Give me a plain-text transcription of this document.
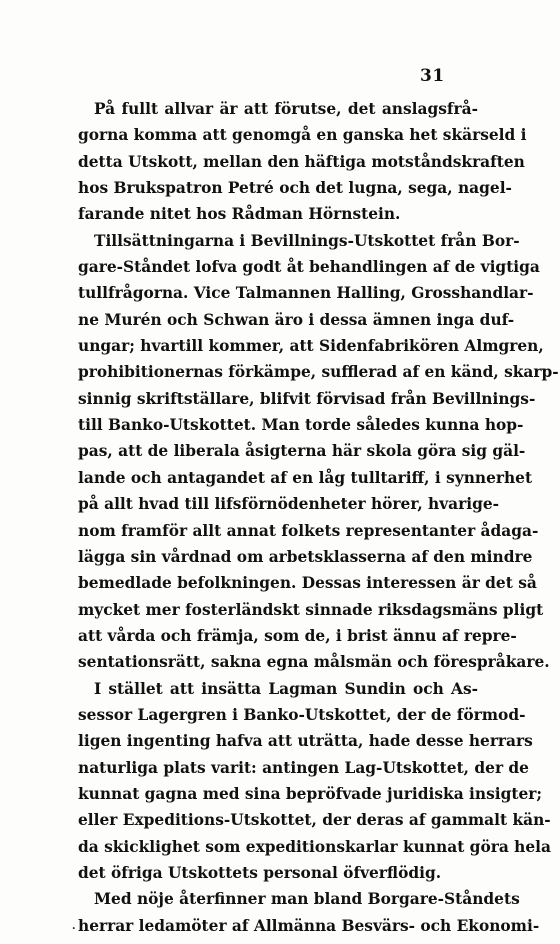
31
På fullt allvar är att förutse, det anslagsfrå-
gorna komma att genomgå en ganska het skärseld i
detta Utskott, mellan den häftiga motståndskraften
hos Brukspatron Petré och det lugna, sega, nagel-
farande nitet hos Rådman Hörnstein.
Tillsättningarna i Bevillnings-Utskottet från Bor-
gare-Ståndet lofva godt åt behandlingen af de vigtiga
tullfrågorna. Vice Talmannen Halling, Grosshandlar-
ne Murén och Schwan äro i dessa ämnen inga duf-
ungar; hvartill kommer, att Sidenfabrikören Almgren,
prohibitionernas förkämpe, sufflerad af en känd, skarp-
sinnig skriftställare, blifvit förvisad från Bevillnings-
till Banko-Utskottet. Man torde således kunna hop-
pas, att de liberala åsigterna här skola göra sig gäl-
lande och antagandet af en låg tulltariff, i synnerhet
på allt hvad till lifsförnödenheter hörer, hvarige-
nom framför allt annat folkets representanter ådaga-
lägga sin vårdnad om arbetsklasserna af den mindre
bemedlade befolkningen. Dessas interessen är det så
mycket mer fosterländskt sinnade riksdagsmäns pligt
att vårda och främja, som de, i brist ännu af repre-
sentationsrätt, sakna egna målsmän och förespråkare.
I stället att insätta Lagman Sundin och As-
sessor Lagergren i Banko-Utskottet, der de förmod-
ligen ingenting hafva att uträtta, hade desse herrars
naturliga plats varit: antingen Lag-Utskottet, der de
kunnat gagna med sina bepröfvade juridiska insigter;
eller Expeditions-Utskottet, der deras af gammalt kän-
da skicklighet som expeditionskarlar kunnat göra hela
det öfriga Utskottets personal öfverflödig.
Med nöje återfinner man bland Borgare-Ståndets
herrar ledamöter af Allmänna Besvärs- och Ekonomi-
.
